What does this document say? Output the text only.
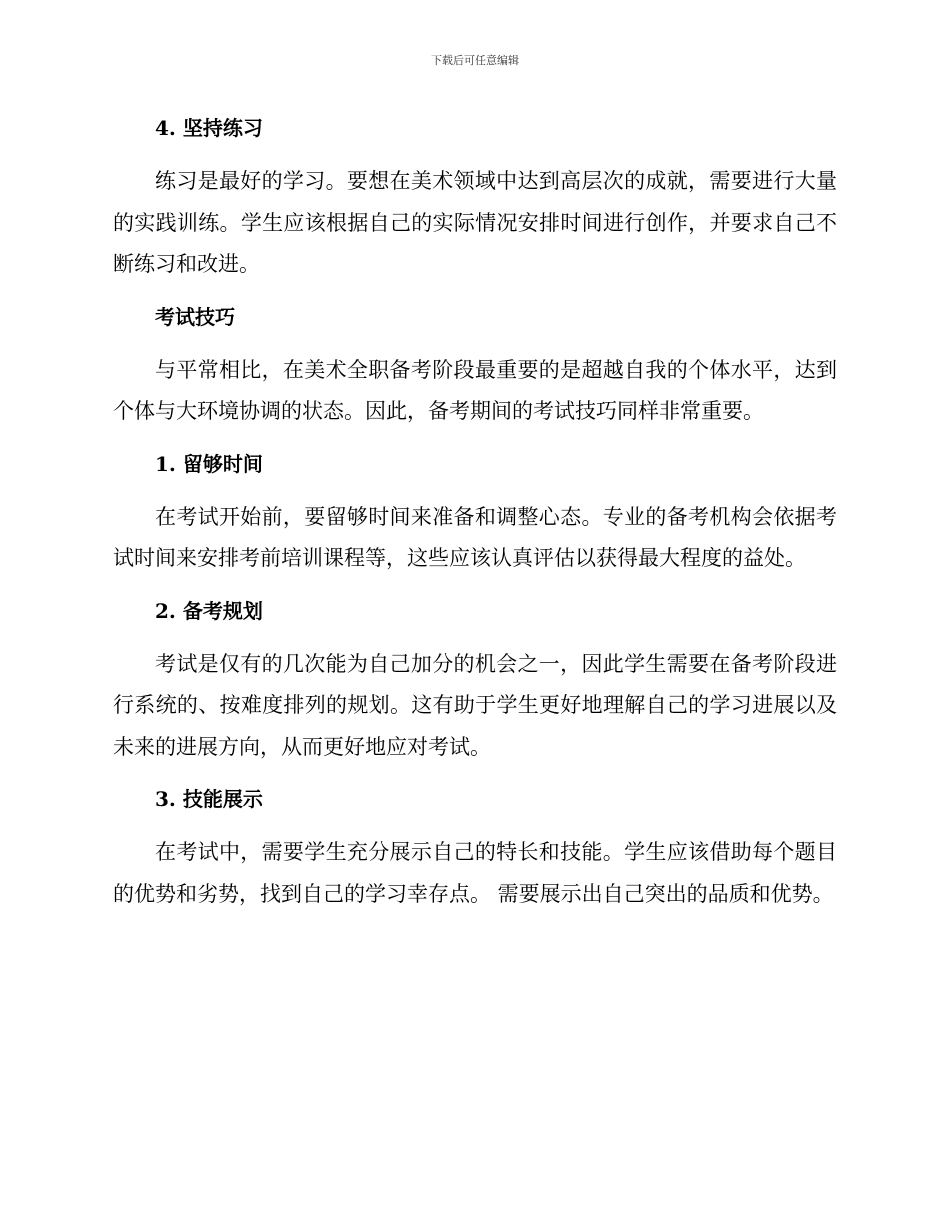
下载后可任意编辑
4. 坚持练习

练习是最好的学习。要想在美术领域中达到高层次的成就，需要进行大量的实践训练。学生应该根据自己的实际情况安排时间进行创作，并要求自己不断练习和改进。

考试技巧

与平常相比，在美术全职备考阶段最重要的是超越自我的个体水平，达到个体与大环境协调的状态。因此，备考期间的考试技巧同样非常重要。

1. 留够时间

在考试开始前，要留够时间来准备和调整心态。专业的备考机构会依据考试时间来安排考前培训课程等，这些应该认真评估以获得最大程度的益处。

2. 备考规划

考试是仅有的几次能为自己加分的机会之一，因此学生需要在备考阶段进行系统的、按难度排列的规划。这有助于学生更好地理解自己的学习进展以及未来的进展方向，从而更好地应对考试。

3. 技能展示

在考试中，需要学生充分展示自己的特长和技能。学生应该借助每个题目的优势和劣势，找到自己的学习幸存点。 需要展示出自己突出的品质和优势。
